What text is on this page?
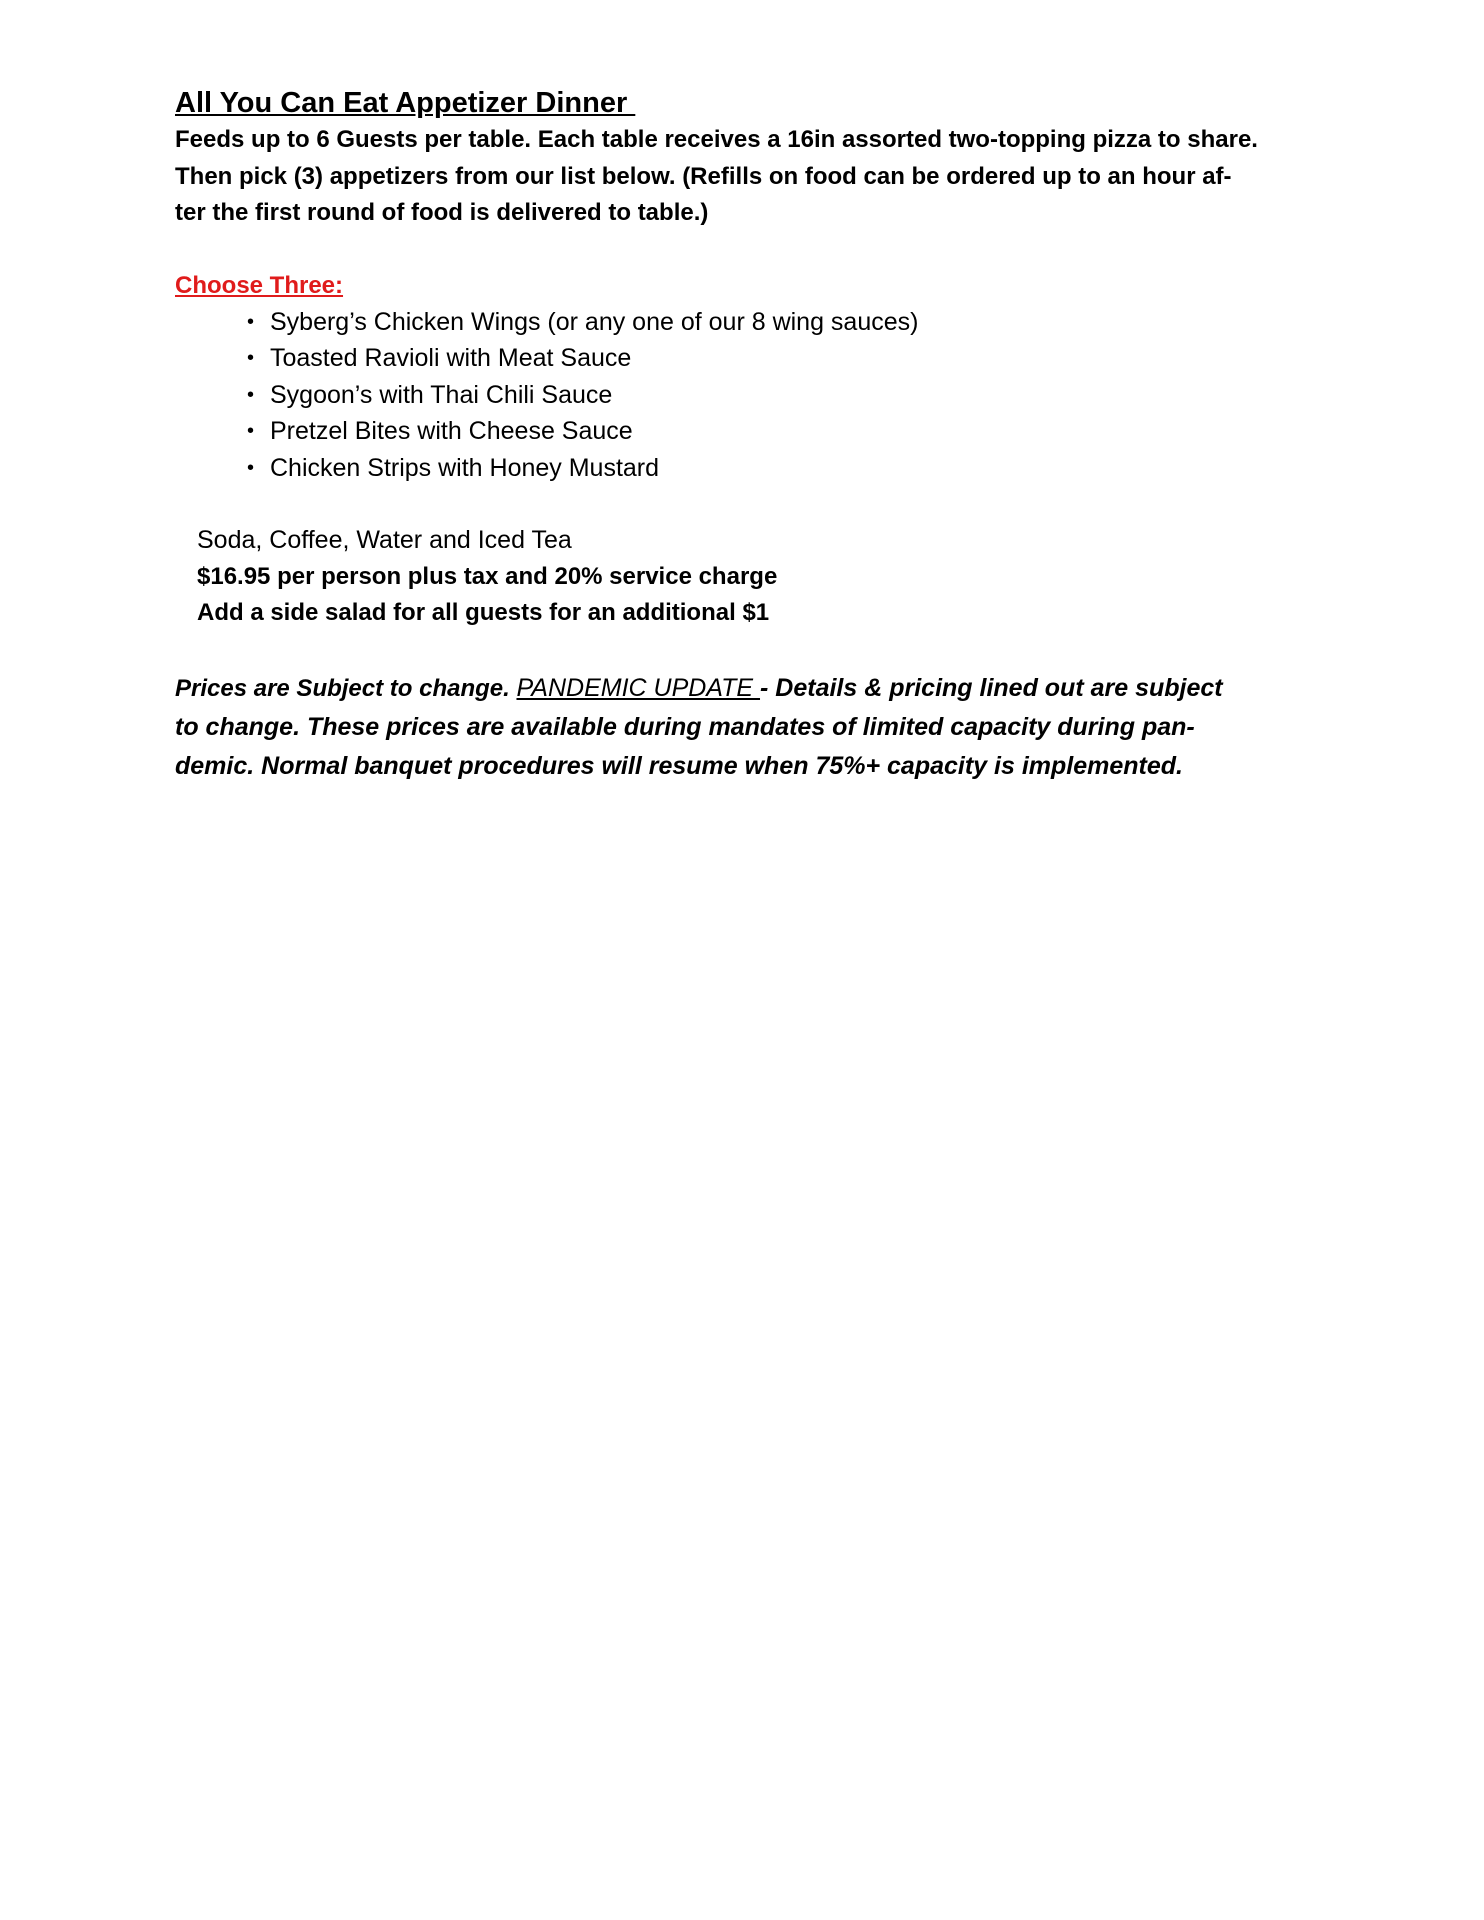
All You Can Eat Appetizer Dinner
Feeds up to 6 Guests per table. Each table receives a 16in assorted two-topping pizza to share.
Then pick (3) appetizers from our list below. (Refills on food can be ordered up to an hour af-
ter the first round of food is delivered to table.)
Choose Three:
• Syberg’s Chicken Wings (or any one of our 8 wing sauces)
• Toasted Ravioli with Meat Sauce
• Sygoon’s with Thai Chili Sauce
• Pretzel Bites with Cheese Sauce
• Chicken Strips with Honey Mustard
Soda, Coffee, Water and Iced Tea
$16.95 per person plus tax and 20% service charge
Add a side salad for all guests for an additional $1
Prices are Subject to change. PANDEMIC UPDATE - Details & pricing lined out are subject
to change. These prices are available during mandates of limited capacity during pan-
demic. Normal banquet procedures will resume when 75%+ capacity is implemented.
